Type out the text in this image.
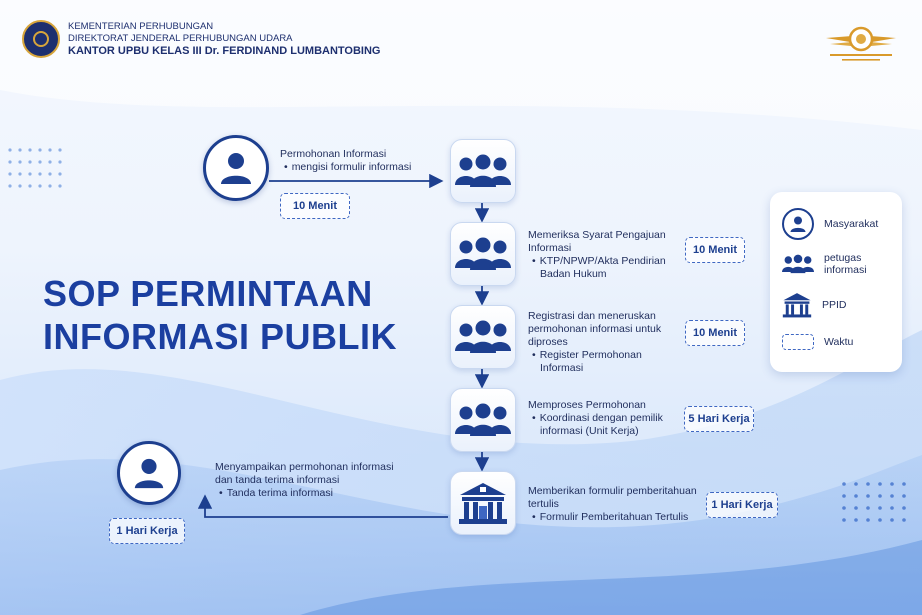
KEMENTERIAN PERHUBUNGAN
DIREKTORAT JENDERAL PERHUBUNGAN UDARA
KANTOR UPBU KELAS III Dr. FERDINAND LUMBANTOBING
SOP PERMINTAAN
INFORMASI PUBLIK
Permohonan Informasi
• mengisi formulir informasi
10 Menit
Memeriksa Syarat Pengajuan Informasi
• KTP/NPWP/Akta Pendirian Badan Hukum
10 Menit
Registrasi dan meneruskan permohonan informasi untuk diproses
• Register Permohonan Informasi
10 Menit
Memproses Permohonan
• Koordinasi dengan pemilik informasi (Unit Kerja)
5 Hari Kerja
Memberikan formulir pemberitahuan tertulis
• Formulir Pemberitahuan Tertulis
1 Hari Kerja
Menyampaikan permohonan informasi dan tanda terima informasi
• Tanda terima informasi
1 Hari Kerja
Masyarakat
petugas informasi
PPID
Waktu
